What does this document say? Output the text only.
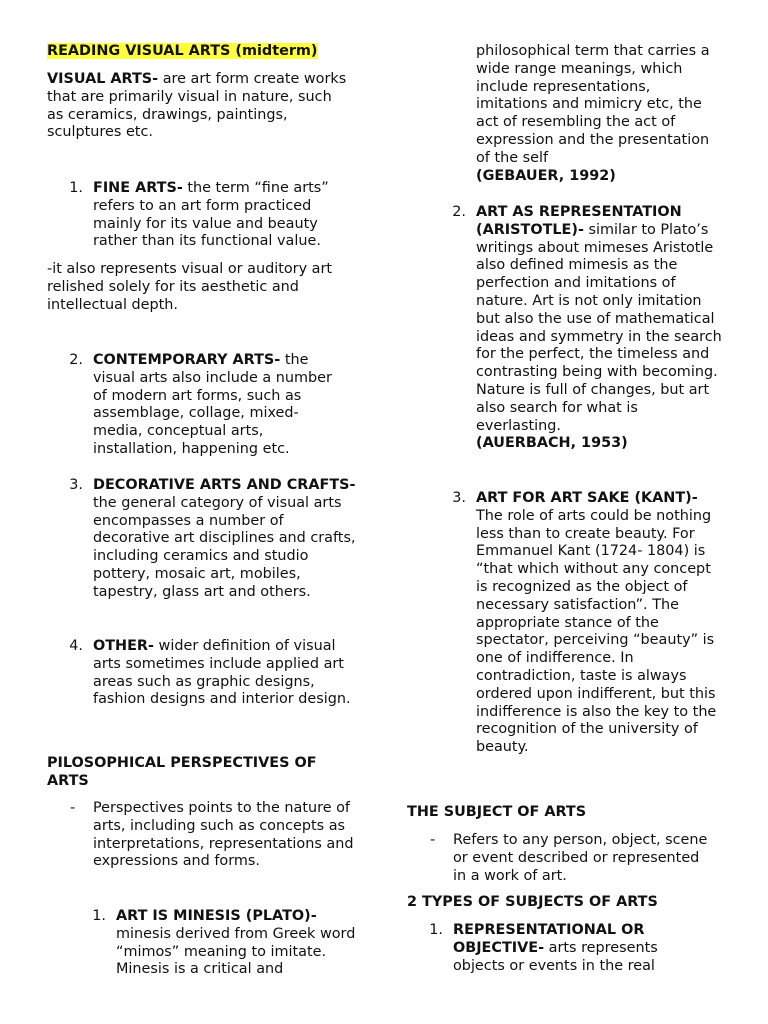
READING VISUAL ARTS (midterm)

VISUAL ARTS- are art form create works that are primarily visual in nature, such as ceramics, drawings, paintings, sculptures etc.

1. FINE ARTS- the term “fine arts” refers to an art form practiced mainly for its value and beauty rather than its functional value.

-it also represents visual or auditory art relished solely for its aesthetic and intellectual depth.

2. CONTEMPORARY ARTS- the visual arts also include a number of modern art forms, such as assemblage, collage, mixed-media, conceptual arts, installation, happening etc.

3. DECORATIVE ARTS AND CRAFTS- the general category of visual arts encompasses a number of decorative art disciplines and crafts, including ceramics and studio pottery, mosaic art, mobiles, tapestry, glass art and others.

4. OTHER- wider definition of visual arts sometimes include applied art areas such as graphic designs, fashion designs and interior design.

PILOSOPHICAL PERSPECTIVES OF ARTS

- Perspectives points to the nature of arts, including such as concepts as interpretations, representations and expressions and forms.

1. ART IS MINESIS (PLATO)- minesis derived from Greek word “mimos” meaning to imitate. Minesis is a critical and

philosophical term that carries a wide range meanings, which include representations, imitations and mimicry etc, the act of resembling the act of expression and the presentation of the self
(GEBAUER, 1992)

2. ART AS REPRESENTATION (ARISTOTLE)- similar to Plato’s writings about mimeses Aristotle also defined mimesis as the perfection and imitations of nature. Art is not only imitation but also the use of mathematical ideas and symmetry in the search for the perfect, the timeless and contrasting being with becoming. Nature is full of changes, but art also search for what is everlasting.
(AUERBACH, 1953)

3. ART FOR ART SAKE (KANT)-
The role of arts could be nothing less than to create beauty. For Emmanuel Kant (1724- 1804) is “that which without any concept is recognized as the object of necessary satisfaction”. The appropriate stance of the spectator, perceiving “beauty” is one of indifference. In contradiction, taste is always ordered upon indifferent, but this indifference is also the key to the recognition of the university of beauty.

THE SUBJECT OF ARTS

- Refers to any person, object, scene or event described or represented in a work of art.

2 TYPES OF SUBJECTS OF ARTS

1. REPRESENTATIONAL OR OBJECTIVE- arts represents objects or events in the real
